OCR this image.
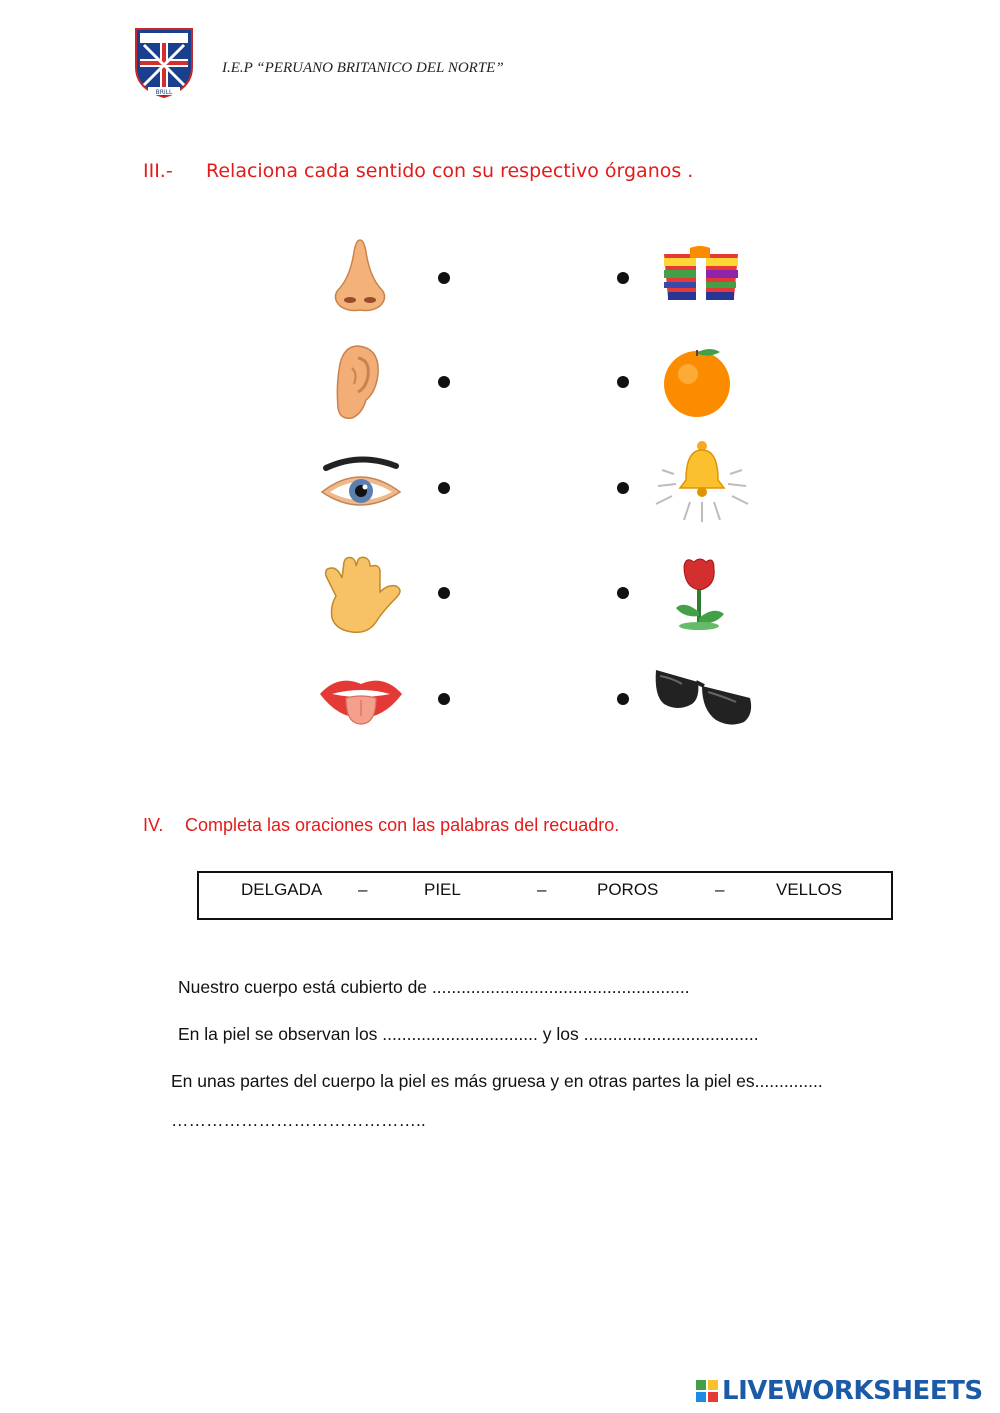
BRILL
I.E.P “PERUANO BRITANICO DEL NORTE”
III.- Relaciona cada sentido con su respectivo órganos .
IV. Completa las oraciones con las palabras del recuadro.
DELGADA –	PIEL	–	POROS	–	VELLOS
Nuestro cuerpo está cubierto de .....................................................
En la piel se observan los ................................ y los ....................................
En unas partes del cuerpo la piel es más gruesa y en otras partes la piel es..............
……………………………………..
LIVEWORKSHEETS
